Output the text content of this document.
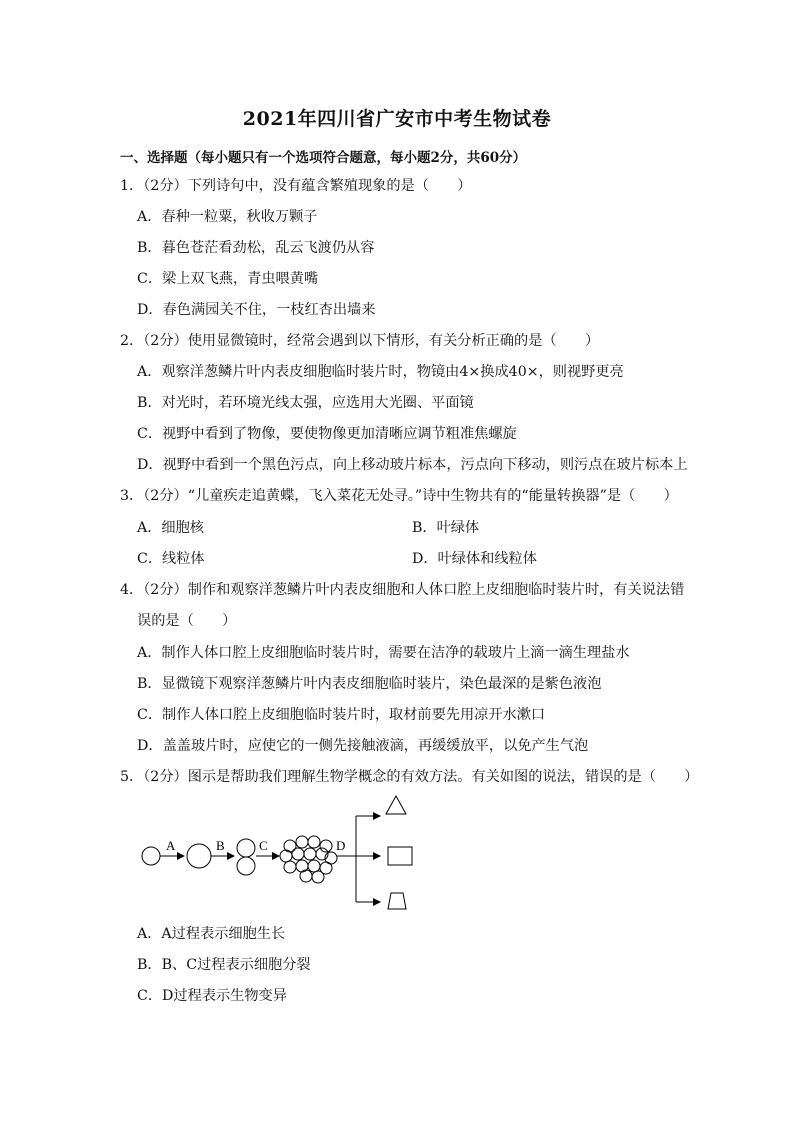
2021年四川省广安市中考生物试卷
一、选择题（每小题只有一个选项符合题意，每小题2分，共60分）
1．（2分）下列诗句中，没有蕴含繁殖现象的是（　　）
A．春种一粒粟，秋收万颗子
B．暮色苍茫看劲松，乱云飞渡仍从容
C．梁上双飞燕，青虫喂黄嘴
D．春色满园关不住，一枝红杏出墙来
2．（2分）使用显微镜时，经常会遇到以下情形，有关分析正确的是（　　）
A．观察洋葱鳞片叶内表皮细胞临时装片时，物镜由4×换成40×，则视野更亮
B．对光时，若环境光线太强，应选用大光圈、平面镜
C．视野中看到了物像，要使物像更加清晰应调节粗准焦螺旋
D．视野中看到一个黑色污点，向上移动玻片标本，污点向下移动，则污点在玻片标本上
3．（2分）“儿童疾走追黄蝶，飞入菜花无处寻。”诗中生物共有的“能量转换器”是（　　）
A．细胞核	B．叶绿体
C．线粒体	D．叶绿体和线粒体
4．（2分）制作和观察洋葱鳞片叶内表皮细胞和人体口腔上皮细胞临时装片时，有关说法错
误的是（　　）
A．制作人体口腔上皮细胞临时装片时，需要在洁净的载玻片上滴一滴生理盐水
B．显微镜下观察洋葱鳞片叶内表皮细胞临时装片，染色最深的是紫色液泡
C．制作人体口腔上皮细胞临时装片时，取材前要先用凉开水漱口
D．盖盖玻片时，应使它的一侧先接触液滴，再缓缓放平，以免产生气泡
5．（2分）图示是帮助我们理解生物学概念的有效方法。有关如图的说法，错误的是（　　）
A	B	C	D
A．A过程表示细胞生长
B．B、C过程表示细胞分裂
C．D过程表示生物变异
